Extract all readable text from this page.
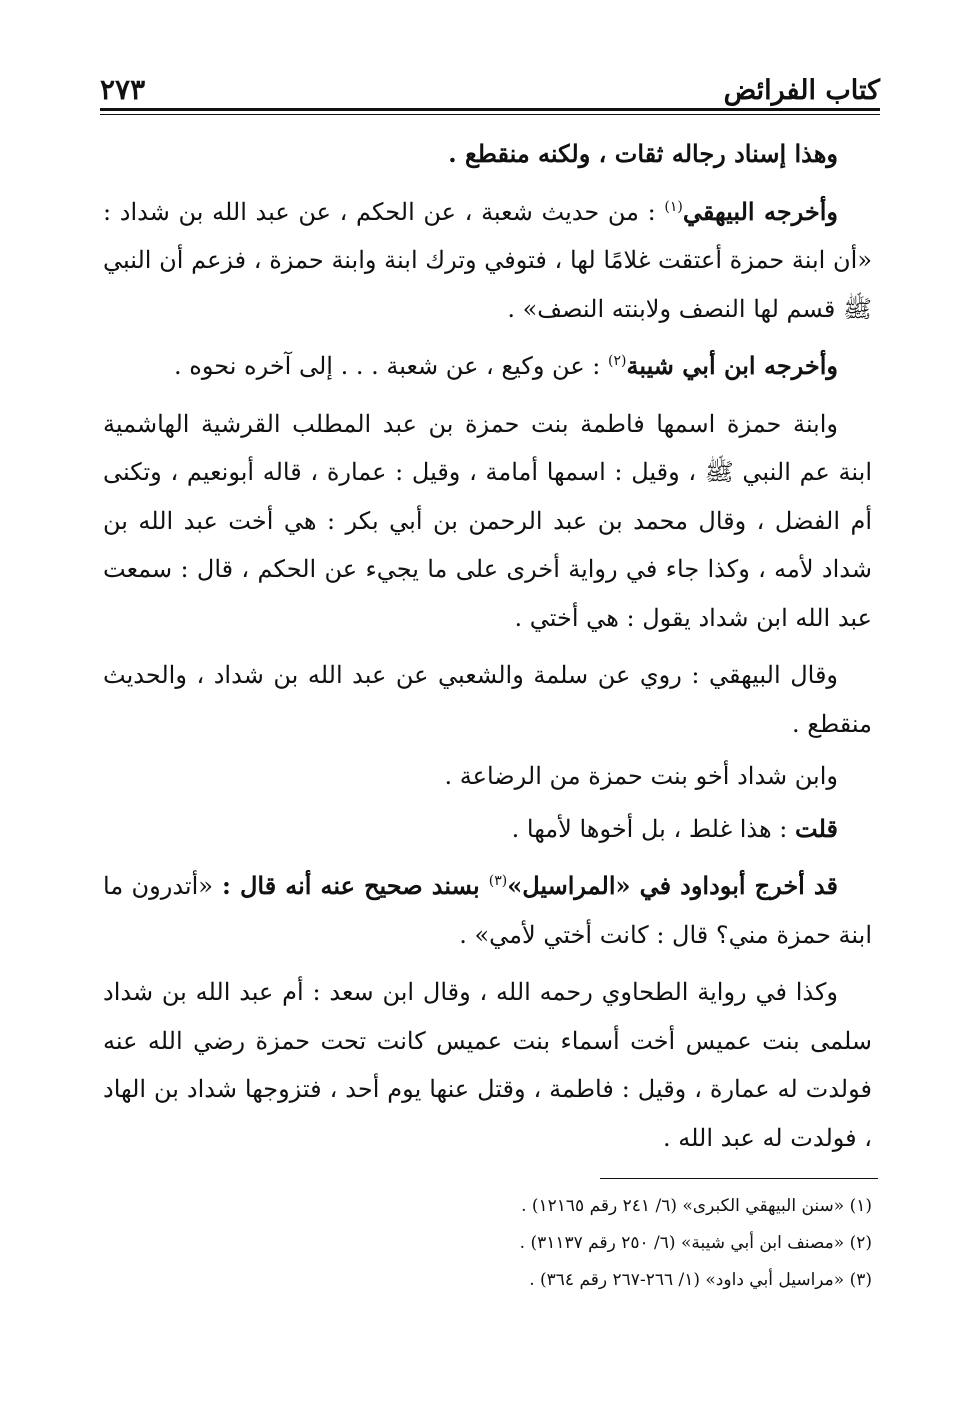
كتاب الفرائض
٢٧٣

وهذا إسناد رجاله ثقات ، ولكنه منقطع .

وأخرجه البيهقي$^{(١)}$ : من حديث شعبة ، عن الحكم ، عن عبد الله بن شداد : «أن ابنة حمزة أعتقت غلامًا لها ، فتوفي وترك ابنة وابنة حمزة ، فزعم أن النبي ﷺ قسم لها النصف ولابنته النصف» .

وأخرجه ابن أبي شيبة$^{(٢)}$ : عن وكيع ، عن شعبة . . . إلى آخره نحوه .

وابنة حمزة اسمها فاطمة بنت حمزة بن عبد المطلب القرشية الهاشمية ابنة عم النبي ﷺ ، وقيل : اسمها أمامة ، وقيل : عمارة ، قاله أبونعيم ، وتكنى أم الفضل ، وقال محمد بن عبد الرحمن بن أبي بكر : هي أخت عبد الله بن شداد لأمه ، وكذا جاء في رواية أخرى على ما يجيء عن الحكم ، قال : سمعت عبد الله ابن شداد يقول : هي أختي .

وقال البيهقي : روي عن سلمة والشعبي عن عبد الله بن شداد ، والحديث منقطع .

وابن شداد أخو بنت حمزة من الرضاعة .

قلت : هذا غلط ، بل أخوها لأمها .

قد أخرج أبوداود في «المراسيل»$^{(٣)}$ بسند صحيح عنه أنه قال : «أتدرون ما ابنة حمزة مني؟ قال : كانت أختي لأمي» .

وكذا في رواية الطحاوي رحمه الله ، وقال ابن سعد : أم عبد الله بن شداد سلمى بنت عميس أخت أسماء بنت عميس كانت تحت حمزة رضي الله عنه فولدت له عمارة ، وقيل : فاطمة ، وقتل عنها يوم أحد ، فتزوجها شداد بن الهاد ، فولدت له عبد الله .

(١) «سنن البيهقي الكبرى» (٦/ ٢٤١ رقم ١٢١٦٥) .
(٢) «مصنف ابن أبي شيبة» (٦/ ٢٥٠ رقم ٣١١٣٧) .
(٣) «مراسيل أبي داود» (١/ ٢٦٦-٢٦٧ رقم ٣٦٤) .
